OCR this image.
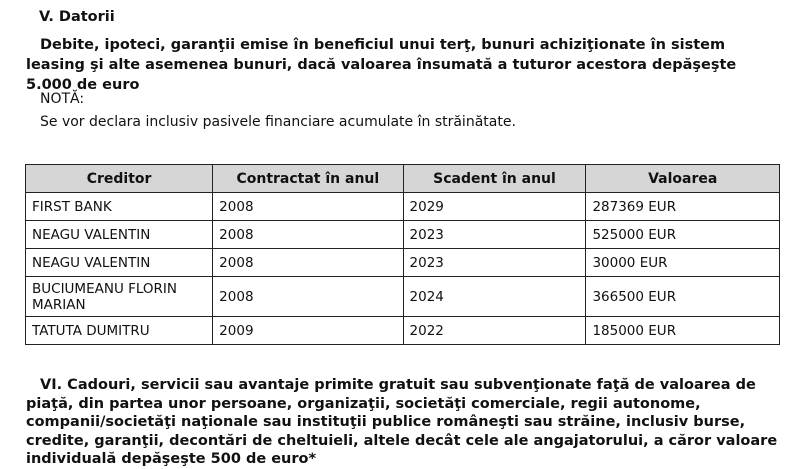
V. Datorii

Debite, ipoteci, garanţii emise în beneficiul unui terţ, bunuri achiziţionate în sistem leasing şi alte asemenea bunuri, dacă valoarea însumată a tuturor acestora depăşeşte 5.000 de euro

NOTĂ:

Se vor declara inclusiv pasivele financiare acumulate în străinătate.

Creditor	Contractat în anul	Scadent în anul	Valoarea
FIRST BANK	2008	2029	287369 EUR
NEAGU VALENTIN	2008	2023	525000 EUR
NEAGU VALENTIN	2008	2023	30000 EUR
BUCIUMEANU FLORIN MARIAN	2008	2024	366500 EUR
TATUTA DUMITRU	2009	2022	185000 EUR

VI. Cadouri, servicii sau avantaje primite gratuit sau subvenţionate faţă de valoarea de piaţă, din partea unor persoane, organizaţii, societăţi comerciale, regii autonome, companii/societăţi naţionale sau instituţii publice româneşti sau străine, inclusiv burse, credite, garanţii, decontări de cheltuieli, altele decât cele ale angajatorului, a căror valoare individuală depăşeşte 500 de euro*
